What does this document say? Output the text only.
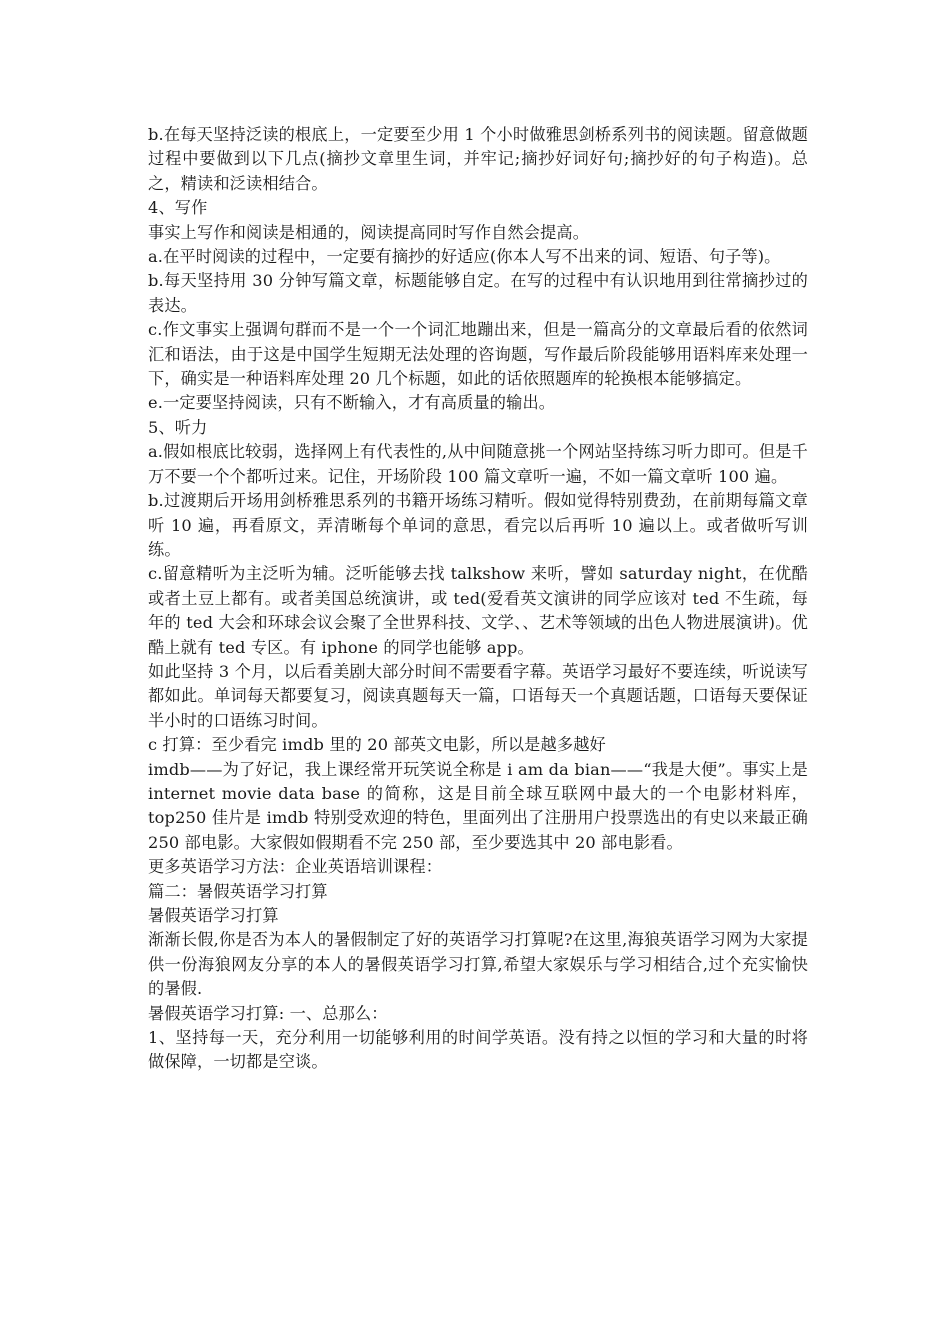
b.在每天坚持泛读的根底上，一定要至少用 1 个小时做雅思剑桥系列书的阅读题。留意做题过程中要做到以下几点(摘抄文章里生词，并牢记;摘抄好词好句;摘抄好的句子构造)。总之，精读和泛读相结合。

4、写作

事实上写作和阅读是相通的，阅读提高同时写作自然会提高。

a.在平时阅读的过程中，一定要有摘抄的好适应(你本人写不出来的词、短语、句子等)。

b.每天坚持用 30 分钟写篇文章，标题能够自定。在写的过程中有认识地用到往常摘抄过的表达。

c.作文事实上强调句群而不是一个一个词汇地蹦出来，但是一篇高分的文章最后看的依然词汇和语法，由于这是中国学生短期无法处理的咨询题，写作最后阶段能够用语料库来处理一下，确实是一种语料库处理 20 几个标题，如此的话依照题库的轮换根本能够搞定。

e.一定要坚持阅读，只有不断输入，才有高质量的输出。

5、听力

a.假如根底比较弱，选择网上有代表性的,从中间随意挑一个网站坚持练习听力即可。但是千万不要一个个都听过来。记住，开场阶段 100 篇文章听一遍，不如一篇文章听 100 遍。

b.过渡期后开场用剑桥雅思系列的书籍开场练习精听。假如觉得特别费劲，在前期每篇文章听 10 遍，再看原文，弄清晰每个单词的意思，看完以后再听 10 遍以上。或者做听写训练。

c.留意精听为主泛听为辅。泛听能够去找 talkshow 来听，譬如 saturday night，在优酷或者土豆上都有。或者美国总统演讲，或 ted(爱看英文演讲的同学应该对 ted 不生疏，每年的 ted 大会和环球会议会聚了全世界科技、文学、、艺术等领域的出色人物进展演讲)。优酷上就有 ted 专区。有 iphone 的同学也能够 app。

如此坚持 3 个月，以后看美剧大部分时间不需要看字幕。英语学习最好不要连续，听说读写都如此。单词每天都要复习，阅读真题每天一篇，口语每天一个真题话题，口语每天要保证半小时的口语练习时间。

c 打算：至少看完 imdb 里的 20 部英文电影，所以是越多越好

imdb——为了好记，我上课经常开玩笑说全称是 i am da bian——“我是大便”。事实上是 internet movie data base 的简称，这是目前全球互联网中最大的一个电影材料库，top250 佳片是 imdb 特别受欢迎的特色，里面列出了注册用户投票选出的有史以来最正确 250 部电影。大家假如假期看不完 250 部，至少要选其中 20 部电影看。

更多英语学习方法：企业英语培训课程：

篇二：暑假英语学习打算

暑假英语学习打算

渐渐长假,你是否为本人的暑假制定了好的英语学习打算呢?在这里,海狼英语学习网为大家提供一份海狼网友分享的本人的暑假英语学习打算,希望大家娱乐与学习相结合,过个充实愉快的暑假.

暑假英语学习打算: 一、总那么：

1、坚持每一天，充分利用一切能够利用的时间学英语。没有持之以恒的学习和大量的时将做保障，一切都是空谈。
